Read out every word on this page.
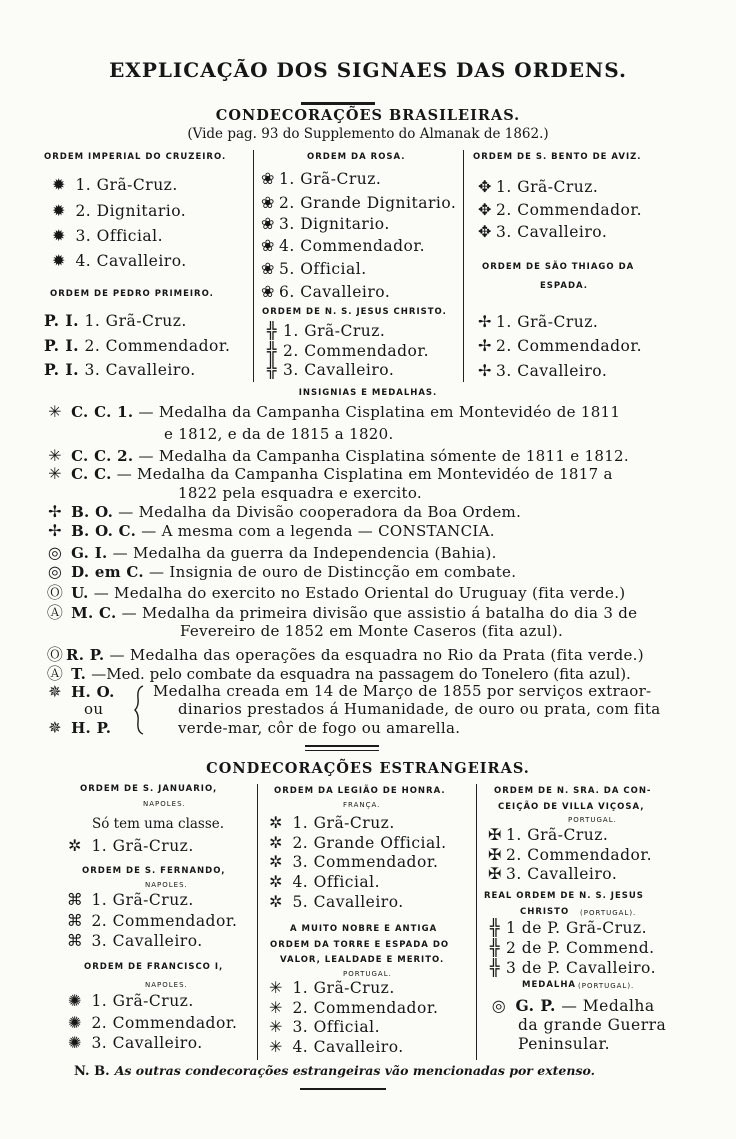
EXPLICAÇÃO DOS SIGNAES DAS ORDENS.
CONDECORAÇÕES BRASILEIRAS.
(Vide pag. 93 do Supplemento do Almanak de 1862.)
ORDEM IMPERIAL DO CRUZEIRO.
✹ 1. Grã-Cruz.
✹ 2. Dignitario.
✹ 3. Official.
✹ 4. Cavalleiro.
ORDEM DE PEDRO PRIMEIRO.
P. I. 1. Grã-Cruz.
P. I. 2. Commendador.
P. I. 3. Cavalleiro.
ORDEM DA ROSA.
❀ 1. Grã-Cruz.
❀ 2. Grande Dignitario.
❀ 3. Dignitario.
❀ 4. Commendador.
❀ 5. Official.
❀ 6. Cavalleiro.
ORDEM DE N. S. JESUS CHRISTO.
╬ 1. Grã-Cruz.
╬ 2. Commendador.
╬ 3. Cavalleiro.
ORDEM DE S. BENTO DE AVIZ.
✥ 1. Grã-Cruz.
✥ 2. Commendador.
✥ 3. Cavalleiro.
ORDEM DE SÃO THIAGO DA
ESPADA.
✢ 1. Grã-Cruz.
✢ 2. Commendador.
✢ 3. Cavalleiro.
INSIGNIAS E MEDALHAS.
✳ C. C. 1. — Medalha da Campanha Cisplatina em Montevidéo de 1811
e 1812, e da de 1815 a 1820.
✳ C. C. 2. — Medalha da Campanha Cisplatina sómente de 1811 e 1812.
✳ C. C. — Medalha da Campanha Cisplatina em Montevidéo de 1817 a
1822 pela esquadra e exercito.
✢ B. O. — Medalha da Divisão cooperadora da Boa Ordem.
✢ B. O. C. — A mesma com a legenda — CONSTANCIA.
◎ G. I. — Medalha da guerra da Independencia (Bahia).
◎ D. em C. — Insignia de ouro de Distincção em combate.
Ⓞ U. — Medalha do exercito no Estado Oriental do Uruguay (fita verde.)
Ⓐ M. C. — Medalha da primeira divisão que assistio á batalha do dia 3 de
Fevereiro de 1852 em Monte Caseros (fita azul).
Ⓞ R. P. — Medalha das operações da esquadra no Rio da Prata (fita verde.)
Ⓐ T. —Med. pelo combate da esquadra na passagem do Tonelero (fita azul).
✵ H. O.
ou
✵ H. P.
Medalha creada em 14 de Março de 1855 por serviços extraor-
dinarios prestados á Humanidade, de ouro ou prata, com fita
verde-mar, côr de fogo ou amarella.
CONDECORAÇÕES ESTRANGEIRAS.
ORDEM DE S. JANUARIO,
NAPOLES.
Só tem uma classe.
✲ 1. Grã-Cruz.
ORDEM DE S. FERNANDO,
NAPOLES.
⌘ 1. Grã-Cruz.
⌘ 2. Commendador.
⌘ 3. Cavalleiro.
ORDEM DE FRANCISCO I,
NAPOLES.
✺ 1. Grã-Cruz.
✺ 2. Commendador.
✺ 3. Cavalleiro.
ORDEM DA LEGIÃO DE HONRA.
FRANÇA.
✲ 1. Grã-Cruz.
✲ 2. Grande Official.
✲ 3. Commendador.
✲ 4. Official.
✲ 5. Cavalleiro.
A MUITO NOBRE E ANTIGA
ORDEM DA TORRE E ESPADA DO
VALOR, LEALDADE E MERITO.
PORTUGAL.
✳ 1. Grã-Cruz.
✳ 2. Commendador.
✳ 3. Official.
✳ 4. Cavalleiro.
ORDEM DE N. SRA. DA CON-
CEIÇÃO DE VILLA VIÇOSA,
PORTUGAL.
✠ 1. Grã-Cruz.
✠ 2. Commendador.
✠ 3. Cavalleiro.
REAL ORDEM DE N. S. JESUS
CHRISTO (PORTUGAL).
╬ 1 de P. Grã-Cruz.
╬ 2 de P. Commend.
╬ 3 de P. Cavalleiro.
MEDALHA (PORTUGAL).
◎ G. P. — Medalha
da grande Guerra
Peninsular.
N. B. As outras condecorações estrangeiras vão mencionadas por extenso.
